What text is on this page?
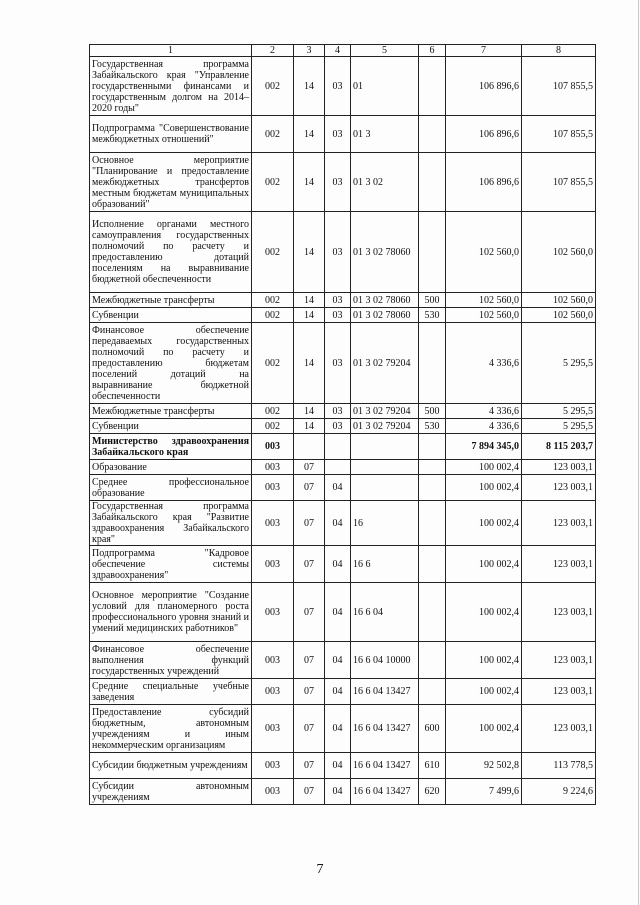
1	2	3	4	5	6	7	8
Государственная программа Забайкальского края "Управление государственными финансами и государственным долгом на 2014–2020 годы"	002	14	03	01		106 896,6	107 855,5
Подпрограмма "Совершенствование межбюджетных отношений"	002	14	03	01 3		106 896,6	107 855,5
Основное мероприятие "Планирование и предоставление межбюджетных трансфертов местным бюджетам муниципальных образований"	002	14	03	01 3 02		106 896,6	107 855,5
Исполнение органами местного самоуправления государственных полномочий по расчету и предоставлению дотаций поселениям на выравнивание бюджетной обеспеченности	002	14	03	01 3 02 78060		102 560,0	102 560,0
Межбюджетные трансферты	002	14	03	01 3 02 78060	500	102 560,0	102 560,0
Субвенции	002	14	03	01 3 02 78060	530	102 560,0	102 560,0
Финансовое обеспечение передаваемых государственных полномочий по расчету и предоставлению бюджетам поселений дотаций на выравнивание бюджетной обеспеченности	002	14	03	01 3 02 79204		4 336,6	5 295,5
Межбюджетные трансферты	002	14	03	01 3 02 79204	500	4 336,6	5 295,5
Субвенции	002	14	03	01 3 02 79204	530	4 336,6	5 295,5
Министерство здравоохранения Забайкальского края	003					7 894 345,0	8 115 203,7
Образование	003	07				100 002,4	123 003,1
Среднее профессиональное образование	003	07	04			100 002,4	123 003,1
Государственная программа Забайкальского края "Развитие здравоохранения Забайкальского края"	003	07	04	16		100 002,4	123 003,1
Подпрограмма "Кадровое обеспечение системы здравоохранения"	003	07	04	16 6		100 002,4	123 003,1
Основное мероприятие "Создание условий для планомерного роста профессионального уровня знаний и умений медицинских работников"	003	07	04	16 6 04		100 002,4	123 003,1
Финансовое обеспечение выполнения функций государственных учреждений	003	07	04	16 6 04 10000		100 002,4	123 003,1
Средние специальные учебные заведения	003	07	04	16 6 04 13427		100 002,4	123 003,1
Предоставление субсидий бюджетным, автономным учреждениям и иным некоммерческим организациям	003	07	04	16 6 04 13427	600	100 002,4	123 003,1
Субсидии бюджетным учреждениям	003	07	04	16 6 04 13427	610	92 502,8	113 778,5
Субсидии автономным учреждениям	003	07	04	16 6 04 13427	620	7 499,6	9 224,6
7
